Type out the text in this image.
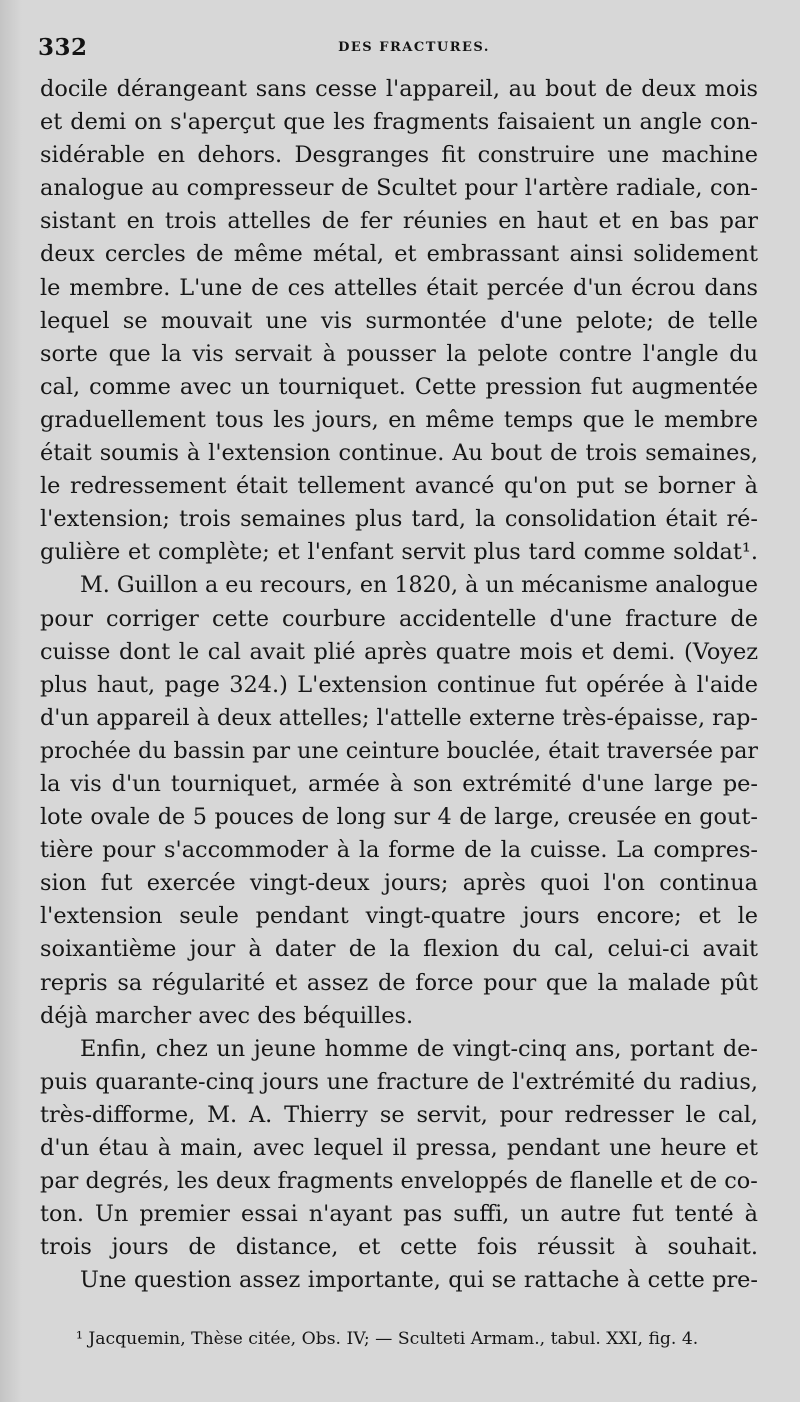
332	DES FRACTURES.
docile dérangeant sans cesse l'appareil, au bout de deux mois
et demi on s'aperçut que les fragments faisaient un angle con-
sidérable en dehors. Desgranges fit construire une machine
analogue au compresseur de Scultet pour l'artère radiale, con-
sistant en trois attelles de fer réunies en haut et en bas par
deux cercles de même métal, et embrassant ainsi solidement
le membre. L'une de ces attelles était percée d'un écrou dans
lequel se mouvait une vis surmontée d'une pelote; de telle
sorte que la vis servait à pousser la pelote contre l'angle du
cal, comme avec un tourniquet. Cette pression fut augmentée
graduellement tous les jours, en même temps que le membre
était soumis à l'extension continue. Au bout de trois semaines,
le redressement était tellement avancé qu'on put se borner à
l'extension; trois semaines plus tard, la consolidation était ré-
gulière et complète; et l'enfant servit plus tard comme soldat¹.
M. Guillon a eu recours, en 1820, à un mécanisme analogue
pour corriger cette courbure accidentelle d'une fracture de
cuisse dont le cal avait plié après quatre mois et demi. (Voyez
plus haut, page 324.) L'extension continue fut opérée à l'aide
d'un appareil à deux attelles; l'attelle externe très-épaisse, rap-
prochée du bassin par une ceinture bouclée, était traversée par
la vis d'un tourniquet, armée à son extrémité d'une large pe-
lote ovale de 5 pouces de long sur 4 de large, creusée en gout-
tière pour s'accommoder à la forme de la cuisse. La compres-
sion fut exercée vingt-deux jours; après quoi l'on continua
l'extension seule pendant vingt-quatre jours encore; et le
soixantième jour à dater de la flexion du cal, celui-ci avait
repris sa régularité et assez de force pour que la malade pût
déjà marcher avec des béquilles.
Enfin, chez un jeune homme de vingt-cinq ans, portant de-
puis quarante-cinq jours une fracture de l'extrémité du radius,
très-difforme, M. A. Thierry se servit, pour redresser le cal,
d'un étau à main, avec lequel il pressa, pendant une heure et
par degrés, les deux fragments enveloppés de flanelle et de co-
ton. Un premier essai n'ayant pas suffi, un autre fut tenté à
trois jours de distance, et cette fois réussit à souhait.
Une question assez importante, qui se rattache à cette pre-
¹ Jacquemin, Thèse citée, Obs. IV; — Sculteti Armam., tabul. XXI, fig. 4.
